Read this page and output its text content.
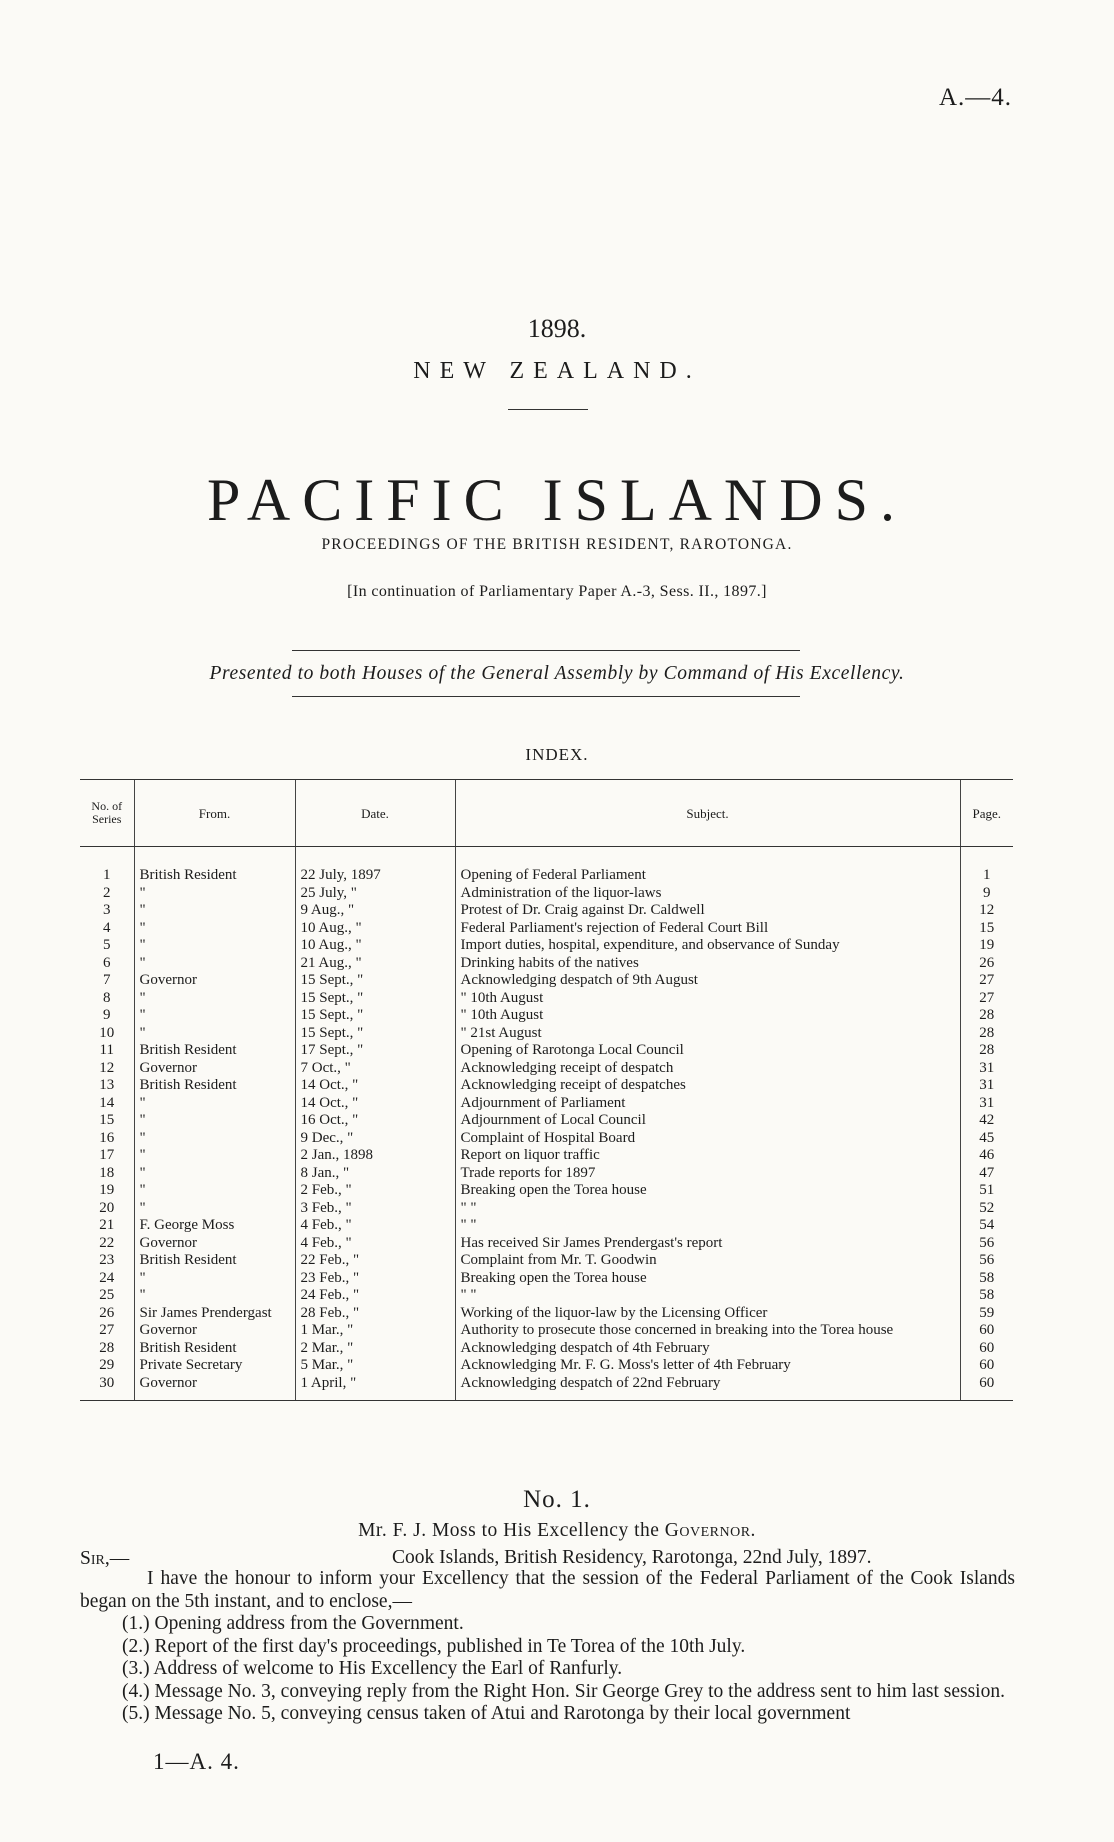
A.—4.
1898.
NEW ZEALAND.
PACIFIC ISLANDS.
PROCEEDINGS OF THE BRITISH RESIDENT, RAROTONGA.
[In continuation of Parliamentary Paper A.-3, Sess. II., 1897.]
Presented to both Houses of the General Assembly by Command of His Excellency.
INDEX.
No. of Series	From.	Date.	Subject.	Page.
1	British Resident	22 July, 1897	Opening of Federal Parliament	1
2	"	25 July, "	Administration of the liquor-laws	9
3	"	9 Aug., "	Protest of Dr. Craig against Dr. Caldwell	12
4	"	10 Aug., "	Federal Parliament's rejection of Federal Court Bill	15
5	"	10 Aug., "	Import duties, hospital, expenditure, and observance of Sunday	19
6	"	21 Aug., "	Drinking habits of the natives	26
7	Governor	15 Sept., "	Acknowledging despatch of 9th August	27
8	"	15 Sept., "	" 10th August	27
9	"	15 Sept., "	" 10th August	28
10	"	15 Sept., "	" 21st August	28
11	British Resident	17 Sept., "	Opening of Rarotonga Local Council	28
12	Governor	7 Oct., "	Acknowledging receipt of despatch	31
13	British Resident	14 Oct., "	Acknowledging receipt of despatches	31
14	"	14 Oct., "	Adjournment of Parliament	31
15	"	16 Oct., "	Adjournment of Local Council	42
16	"	9 Dec., "	Complaint of Hospital Board	45
17	"	2 Jan., 1898	Report on liquor traffic	46
18	"	8 Jan., "	Trade reports for 1897	47
19	"	2 Feb., "	Breaking open the Torea house	51
20	"	3 Feb., "	" "	52
21	F. George Moss	4 Feb., "	" "	54
22	Governor	4 Feb., "	Has received Sir James Prendergast's report	56
23	British Resident	22 Feb., "	Complaint from Mr. T. Goodwin	56
24	"	23 Feb., "	Breaking open the Torea house	58
25	"	24 Feb., "	" "	58
26	Sir James Prendergast	28 Feb., "	Working of the liquor-law by the Licensing Officer	59
27	Governor	1 Mar., "	Authority to prosecute those concerned in breaking into the Torea house	60
28	British Resident	2 Mar., "	Acknowledging despatch of 4th February	60
29	Private Secretary	5 Mar., "	Acknowledging Mr. F. G. Moss's letter of 4th February	60
30	Governor	1 April, "	Acknowledging despatch of 22nd February	60
No. 1.
Mr. F. J. Moss to His Excellency the Governor.
Sir,—	Cook Islands, British Residency, Rarotonga, 22nd July, 1897.

I have the honour to inform your Excellency that the session of the Federal Parliament of the Cook Islands began on the 5th instant, and to enclose,—

(1.) Opening address from the Government.

(2.) Report of the first day's proceedings, published in Te Torea of the 10th July.

(3.) Address of welcome to His Excellency the Earl of Ranfurly.

(4.) Message No. 3, conveying reply from the Right Hon. Sir George Grey to the address sent to him last session.

(5.) Message No. 5, conveying census taken of Atui and Rarotonga by their local government

1—A. 4.
